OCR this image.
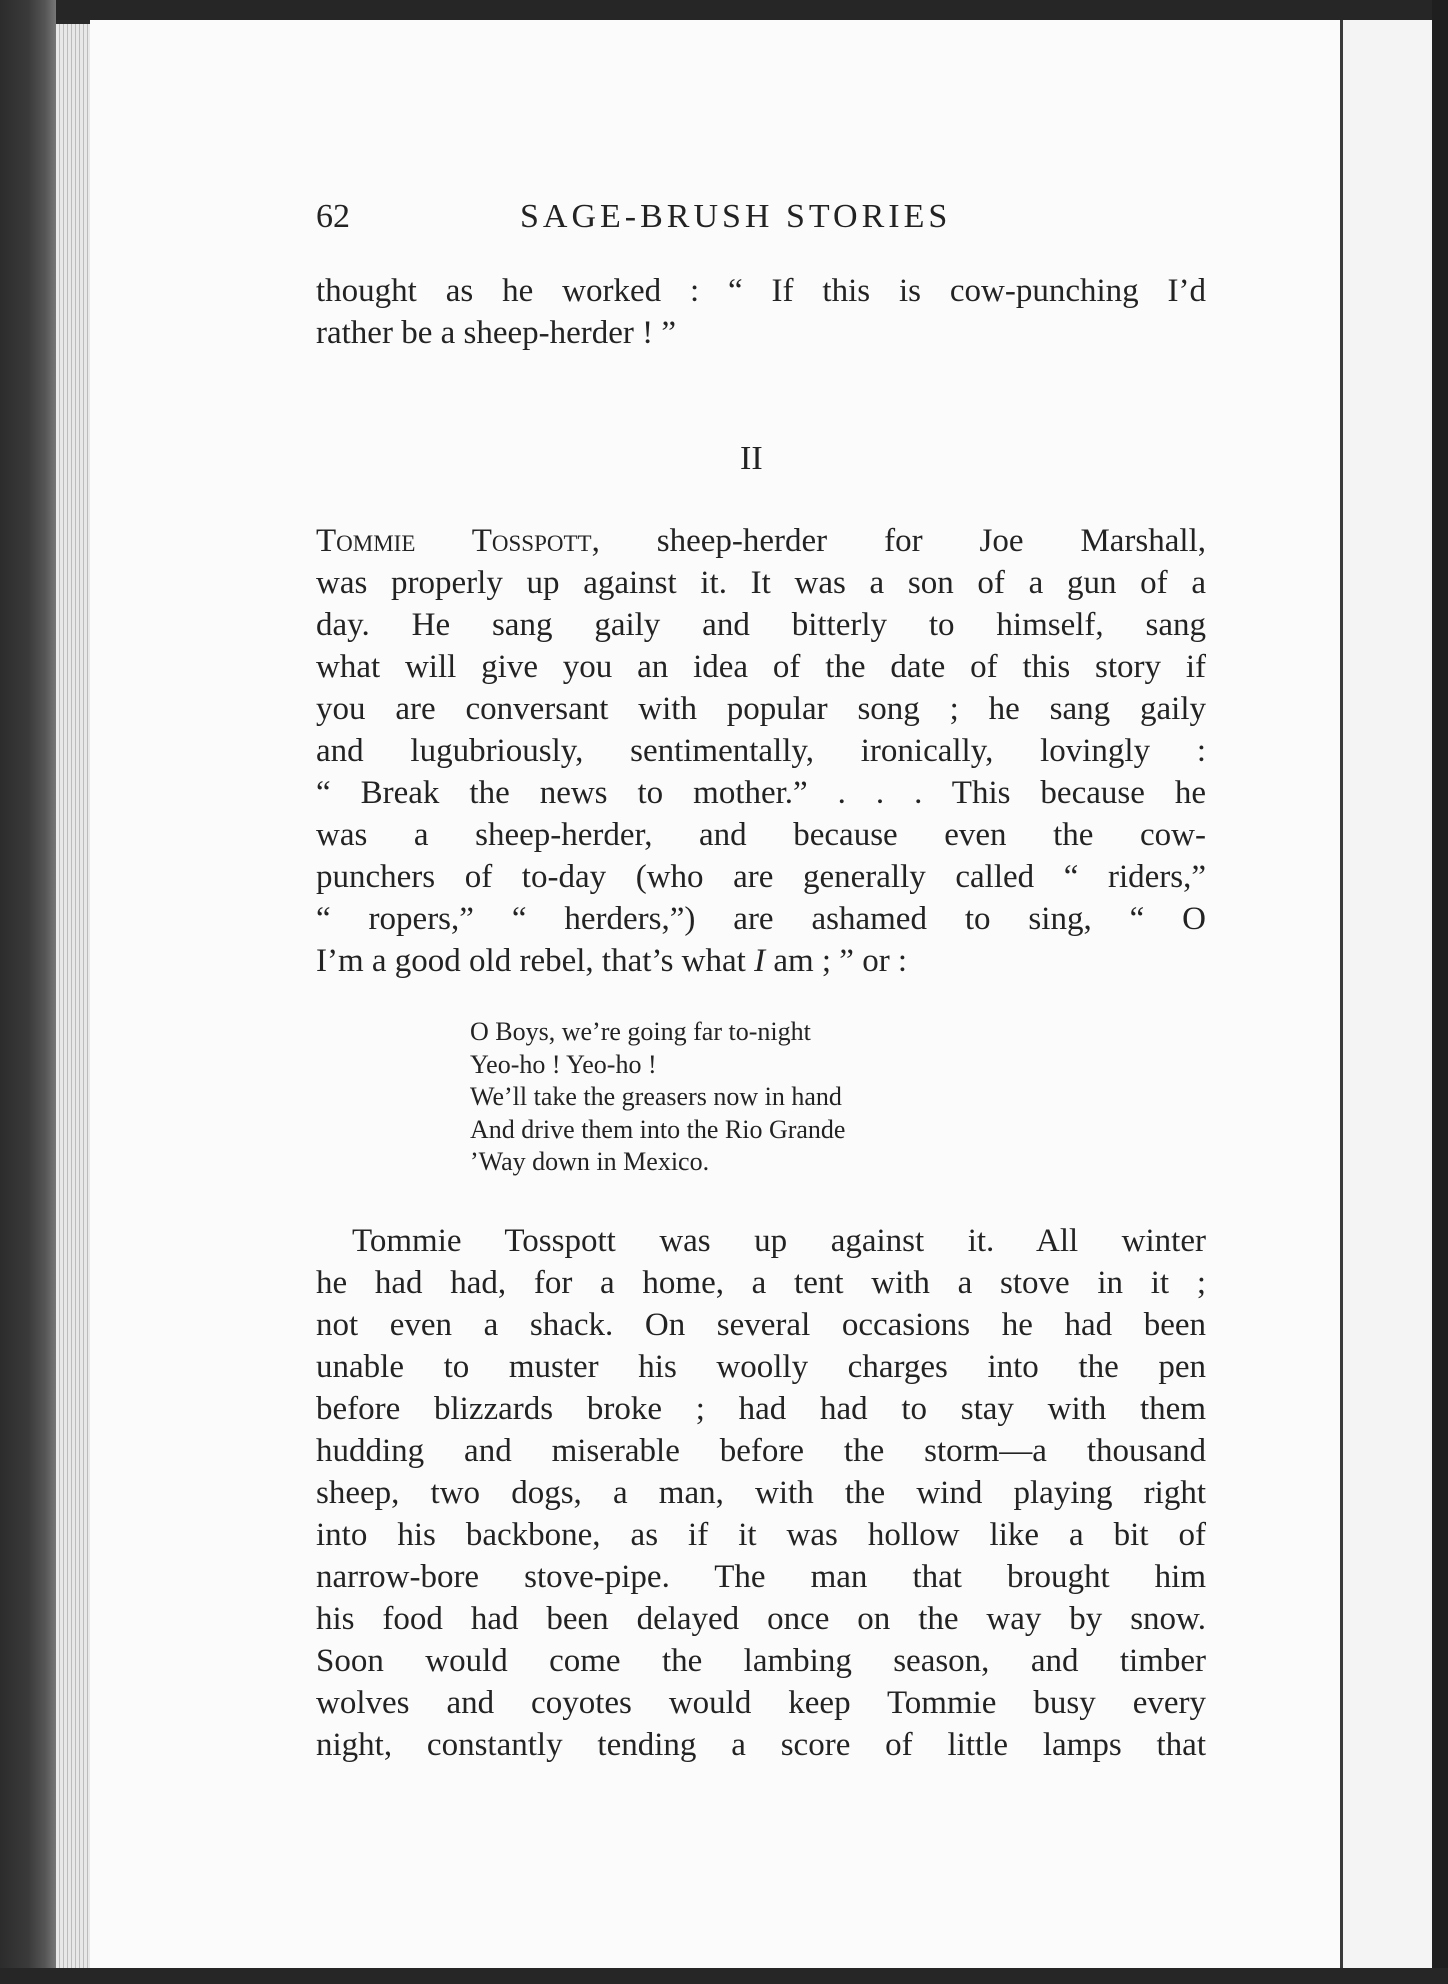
62	SAGE-BRUSH STORIES
thought as he worked : “ If this is cow-punching I’d
rather be a sheep-herder ! ”
II
Tommie Tosspott, sheep-herder for Joe Marshall,
was properly up against it. It was a son of a gun of a
day. He sang gaily and bitterly to himself, sang
what will give you an idea of the date of this story if
you are conversant with popular song ; he sang gaily
and lugubriously, sentimentally, ironically, lovingly :
“ Break the news to mother.” . . . This because he
was a sheep-herder, and because even the cow-
punchers of to-day (who are generally called “ riders,”
“ ropers,” “ herders,”) are ashamed to sing, “ O
I’m a good old rebel, that’s what I am ; ” or :
O Boys, we’re going far to-night
Yeo-ho ! Yeo-ho !
We’ll take the greasers now in hand
And drive them into the Rio Grande
’Way down in Mexico.
Tommie Tosspott was up against it. All winter
he had had, for a home, a tent with a stove in it ;
not even a shack. On several occasions he had been
unable to muster his woolly charges into the pen
before blizzards broke ; had had to stay with them
hudding and miserable before the storm—a thousand
sheep, two dogs, a man, with the wind playing right
into his backbone, as if it was hollow like a bit of
narrow-bore stove-pipe. The man that brought him
his food had been delayed once on the way by snow.
Soon would come the lambing season, and timber
wolves and coyotes would keep Tommie busy every
night, constantly tending a score of little lamps that
